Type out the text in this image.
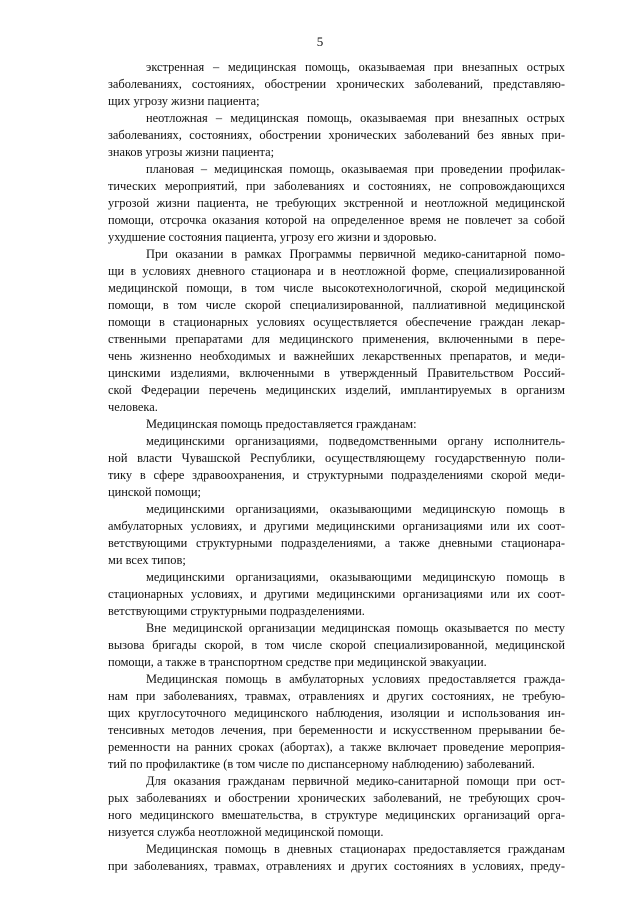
5
экстренная – медицинская помощь, оказываемая при внезапных острых
заболеваниях, состояниях, обострении хронических заболеваний, представляю-
щих угрозу жизни пациента;
неотложная – медицинская помощь, оказываемая при внезапных острых
заболеваниях, состояниях, обострении хронических заболеваний без явных при-
знаков угрозы жизни пациента;
плановая – медицинская помощь, оказываемая при проведении профилак-
тических мероприятий, при заболеваниях и состояниях, не сопровождающихся
угрозой жизни пациента, не требующих экстренной и неотложной медицинской
помощи, отсрочка оказания которой на определенное время не повлечет за собой
ухудшение состояния пациента, угрозу его жизни и здоровью.
При оказании в рамках Программы первичной медико-санитарной помо-
щи в условиях дневного стационара и в неотложной форме, специализированной
медицинской помощи, в том числе высокотехнологичной, скорой медицинской
помощи, в том числе скорой специализированной, паллиативной медицинской
помощи в стационарных условиях осуществляется обеспечение граждан лекар-
ственными препаратами для медицинского применения, включенными в пере-
чень жизненно необходимых и важнейших лекарственных препаратов, и меди-
цинскими изделиями, включенными в утвержденный Правительством Россий-
ской Федерации перечень медицинских изделий, имплантируемых в организм
человека.
Медицинская помощь предоставляется гражданам:
медицинскими организациями, подведомственными органу исполнитель-
ной власти Чувашской Республики, осуществляющему государственную поли-
тику в сфере здравоохранения, и структурными подразделениями скорой меди-
цинской помощи;
медицинскими организациями, оказывающими медицинскую помощь в
амбулаторных условиях, и другими медицинскими организациями или их соот-
ветствующими структурными подразделениями, а также дневными стационара-
ми всех типов;
медицинскими организациями, оказывающими медицинскую помощь в
стационарных условиях, и другими медицинскими организациями или их соот-
ветствующими структурными подразделениями.
Вне медицинской организации медицинская помощь оказывается по месту
вызова бригады скорой, в том числе скорой специализированной, медицинской
помощи, а также в транспортном средстве при медицинской эвакуации.
Медицинская помощь в амбулаторных условиях предоставляется гражда-
нам при заболеваниях, травмах, отравлениях и других состояниях, не требую-
щих круглосуточного медицинского наблюдения, изоляции и использования ин-
тенсивных методов лечения, при беременности и искусственном прерывании бе-
ременности на ранних сроках (абортах), а также включает проведение мероприя-
тий по профилактике (в том числе по диспансерному наблюдению) заболеваний.
Для оказания гражданам первичной медико-санитарной помощи при ост-
рых заболеваниях и обострении хронических заболеваний, не требующих сроч-
ного медицинского вмешательства, в структуре медицинских организаций орга-
низуется служба неотложной медицинской помощи.
Медицинская помощь в дневных стационарах предоставляется гражданам
при заболеваниях, травмах, отравлениях и других состояниях в условиях, преду-
